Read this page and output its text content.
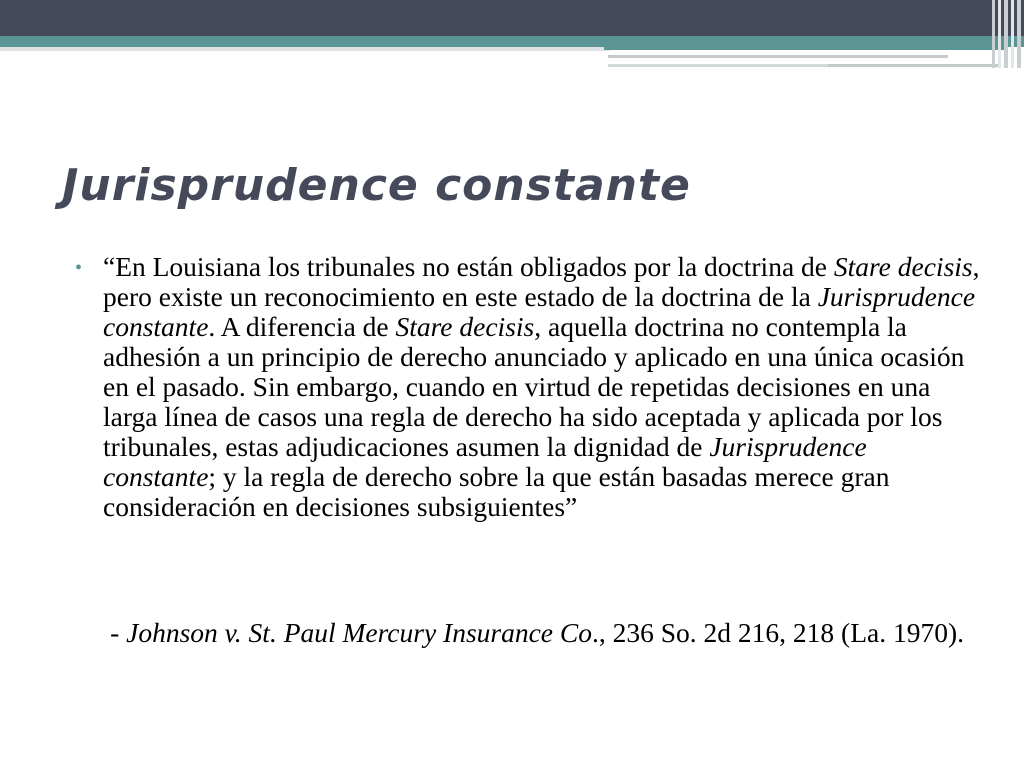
Jurisprudence constante
• “En Louisiana los tribunales no están obligados por la doctrina de Stare decisis, pero existe un reconocimiento en este estado de la doctrina de la Jurisprudence constante. A diferencia de Stare decisis, aquella doctrina no contempla la adhesión a un principio de derecho anunciado y aplicado en una única ocasión en el pasado. Sin embargo, cuando en virtud de repetidas decisiones en una larga línea de casos una regla de derecho ha sido aceptada y aplicada por los tribunales, estas adjudicaciones asumen la dignidad de Jurisprudence constante; y la regla de derecho sobre la que están basadas merece gran consideración en decisiones subsiguientes”
- Johnson v. St. Paul Mercury Insurance Co., 236 So. 2d 216, 218 (La. 1970).
